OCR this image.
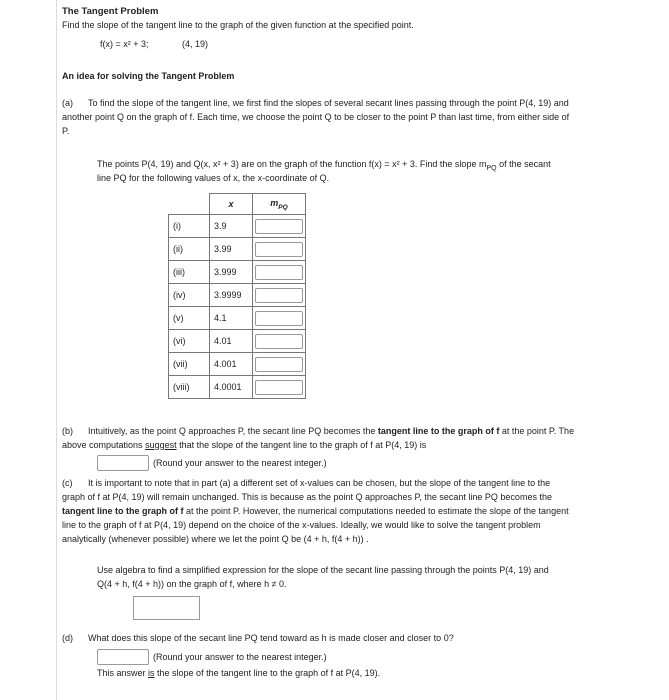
The Tangent Problem
Find the slope of the tangent line to the graph of the given function at the specified point.
f(x) = x² + 3;	(4, 19)
An idea for solving the Tangent Problem
(a) To find the slope of the tangent line, we first find the slopes of several secant lines passing through the point P(4, 19) and
another point Q on the graph of f. Each time, we choose the point Q to be closer to the point P than last time, from either side of
P.
The points P(4, 19) and Q(x, x² + 3) are on the graph of the function f(x) = x² + 3. Find the slope $m_{PQ}$ of the secant
line PQ for the following values of x, the x-coordinate of Q.
	x	$m_{PQ}$
(i)	3.9	
(ii)	3.99	
(iii)	3.999	
(iv)	3.9999	
(v)	4.1	
(vi)	4.01	
(vii)	4.001	
(viii)	4.0001	
(b) Intuitively, as the point Q approaches P, the secant line PQ becomes the tangent line to the graph of f at the point P. The
above computations suggest that the slope of the tangent line to the graph of f at P(4, 19) is
(Round your answer to the nearest integer.)
(c) It is important to note that in part (a) a different set of x-values can be chosen, but the slope of the tangent line to the
graph of f at P(4, 19) will remain unchanged. This is because as the point Q approaches P, the secant line PQ becomes the
tangent line to the graph of f at the point P. However, the numerical computations needed to estimate the slope of the tangent
line to the graph of f at P(4, 19) depend on the choice of the x-values. Ideally, we would like to solve the tangent problem
analytically (whenever possible) where we let the point Q be (4 + h, f(4 + h)) .
Use algebra to find a simplified expression for the slope of the secant line passing through the points P(4, 19) and
Q(4 + h, f(4 + h)) on the graph of f, where h ≠ 0.
(d) What does this slope of the secant line PQ tend toward as h is made closer and closer to 0?
(Round your answer to the nearest integer.)
This answer is the slope of the tangent line to the graph of f at P(4, 19).
